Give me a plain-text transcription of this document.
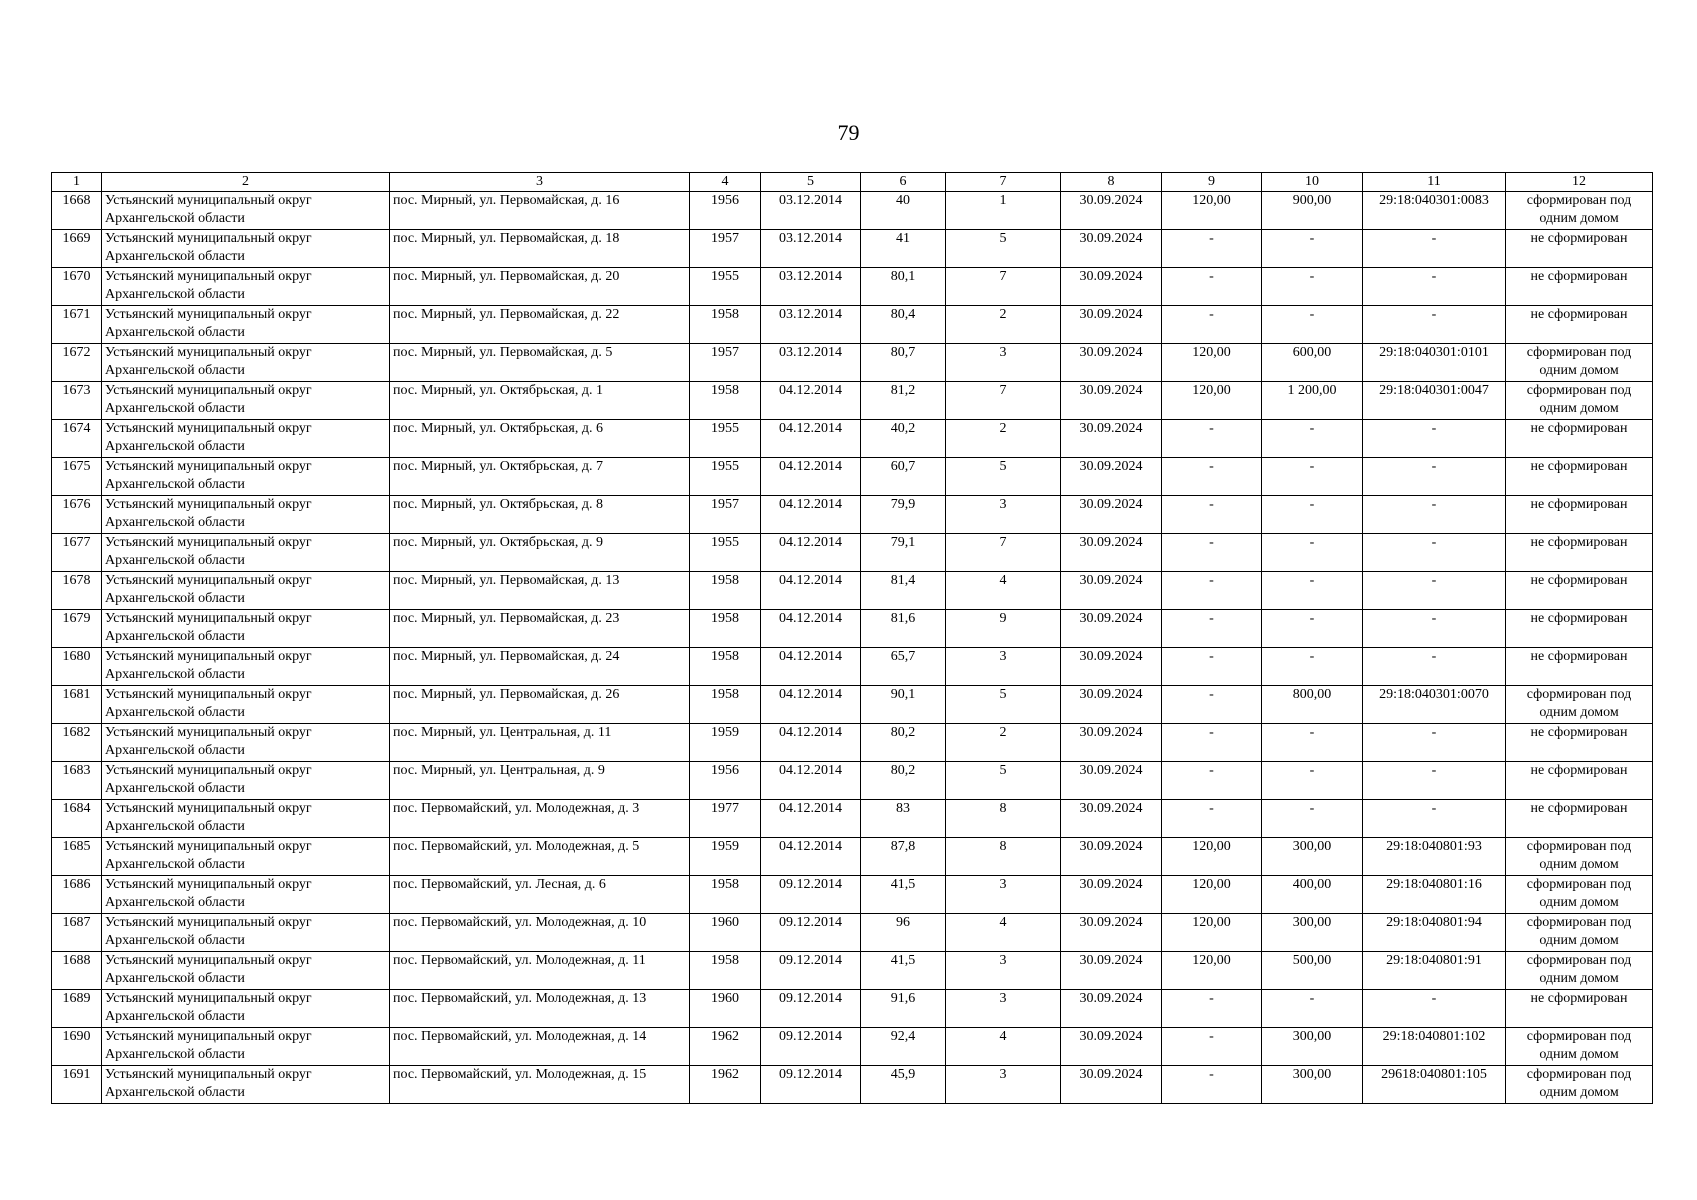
79
1	2	3	4	5	6	7	8	9	10	11	12
1668	Устьянский муниципальный округ Архангельской области	пос. Мирный, ул. Первомайская, д. 16	1956	03.12.2014	40	1	30.09.2024	120,00	900,00	29:18:040301:0083	сформирован под одним домом
1669	Устьянский муниципальный округ Архангельской области	пос. Мирный, ул. Первомайская, д. 18	1957	03.12.2014	41	5	30.09.2024	-	-	-	не сформирован
1670	Устьянский муниципальный округ Архангельской области	пос. Мирный, ул. Первомайская, д. 20	1955	03.12.2014	80,1	7	30.09.2024	-	-	-	не сформирован
1671	Устьянский муниципальный округ Архангельской области	пос. Мирный, ул. Первомайская, д. 22	1958	03.12.2014	80,4	2	30.09.2024	-	-	-	не сформирован
1672	Устьянский муниципальный округ Архангельской области	пос. Мирный, ул. Первомайская, д. 5	1957	03.12.2014	80,7	3	30.09.2024	120,00	600,00	29:18:040301:0101	сформирован под одним домом
1673	Устьянский муниципальный округ Архангельской области	пос. Мирный, ул. Октябрьская, д. 1	1958	04.12.2014	81,2	7	30.09.2024	120,00	1 200,00	29:18:040301:0047	сформирован под одним домом
1674	Устьянский муниципальный округ Архангельской области	пос. Мирный, ул. Октябрьская, д. 6	1955	04.12.2014	40,2	2	30.09.2024	-	-	-	не сформирован
1675	Устьянский муниципальный округ Архангельской области	пос. Мирный, ул. Октябрьская, д. 7	1955	04.12.2014	60,7	5	30.09.2024	-	-	-	не сформирован
1676	Устьянский муниципальный округ Архангельской области	пос. Мирный, ул. Октябрьская, д. 8	1957	04.12.2014	79,9	3	30.09.2024	-	-	-	не сформирован
1677	Устьянский муниципальный округ Архангельской области	пос. Мирный, ул. Октябрьская, д. 9	1955	04.12.2014	79,1	7	30.09.2024	-	-	-	не сформирован
1678	Устьянский муниципальный округ Архангельской области	пос. Мирный, ул. Первомайская, д. 13	1958	04.12.2014	81,4	4	30.09.2024	-	-	-	не сформирован
1679	Устьянский муниципальный округ Архангельской области	пос. Мирный, ул. Первомайская, д. 23	1958	04.12.2014	81,6	9	30.09.2024	-	-	-	не сформирован
1680	Устьянский муниципальный округ Архангельской области	пос. Мирный, ул. Первомайская, д. 24	1958	04.12.2014	65,7	3	30.09.2024	-	-	-	не сформирован
1681	Устьянский муниципальный округ Архангельской области	пос. Мирный, ул. Первомайская, д. 26	1958	04.12.2014	90,1	5	30.09.2024	-	800,00	29:18:040301:0070	сформирован под одним домом
1682	Устьянский муниципальный округ Архангельской области	пос. Мирный, ул. Центральная, д. 11	1959	04.12.2014	80,2	2	30.09.2024	-	-	-	не сформирован
1683	Устьянский муниципальный округ Архангельской области	пос. Мирный, ул. Центральная, д. 9	1956	04.12.2014	80,2	5	30.09.2024	-	-	-	не сформирован
1684	Устьянский муниципальный округ Архангельской области	пос. Первомайский, ул. Молодежная, д. 3	1977	04.12.2014	83	8	30.09.2024	-	-	-	не сформирован
1685	Устьянский муниципальный округ Архангельской области	пос. Первомайский, ул. Молодежная, д. 5	1959	04.12.2014	87,8	8	30.09.2024	120,00	300,00	29:18:040801:93	сформирован под одним домом
1686	Устьянский муниципальный округ Архангельской области	пос. Первомайский, ул. Лесная, д. 6	1958	09.12.2014	41,5	3	30.09.2024	120,00	400,00	29:18:040801:16	сформирован под одним домом
1687	Устьянский муниципальный округ Архангельской области	пос. Первомайский, ул. Молодежная, д. 10	1960	09.12.2014	96	4	30.09.2024	120,00	300,00	29:18:040801:94	сформирован под одним домом
1688	Устьянский муниципальный округ Архангельской области	пос. Первомайский, ул. Молодежная, д. 11	1958	09.12.2014	41,5	3	30.09.2024	120,00	500,00	29:18:040801:91	сформирован под одним домом
1689	Устьянский муниципальный округ Архангельской области	пос. Первомайский, ул. Молодежная, д. 13	1960	09.12.2014	91,6	3	30.09.2024	-	-	-	не сформирован
1690	Устьянский муниципальный округ Архангельской области	пос. Первомайский, ул. Молодежная, д. 14	1962	09.12.2014	92,4	4	30.09.2024	-	300,00	29:18:040801:102	сформирован под одним домом
1691	Устьянский муниципальный округ Архангельской области	пос. Первомайский, ул. Молодежная, д. 15	1962	09.12.2014	45,9	3	30.09.2024	-	300,00	29618:040801:105	сформирован под одним домом
